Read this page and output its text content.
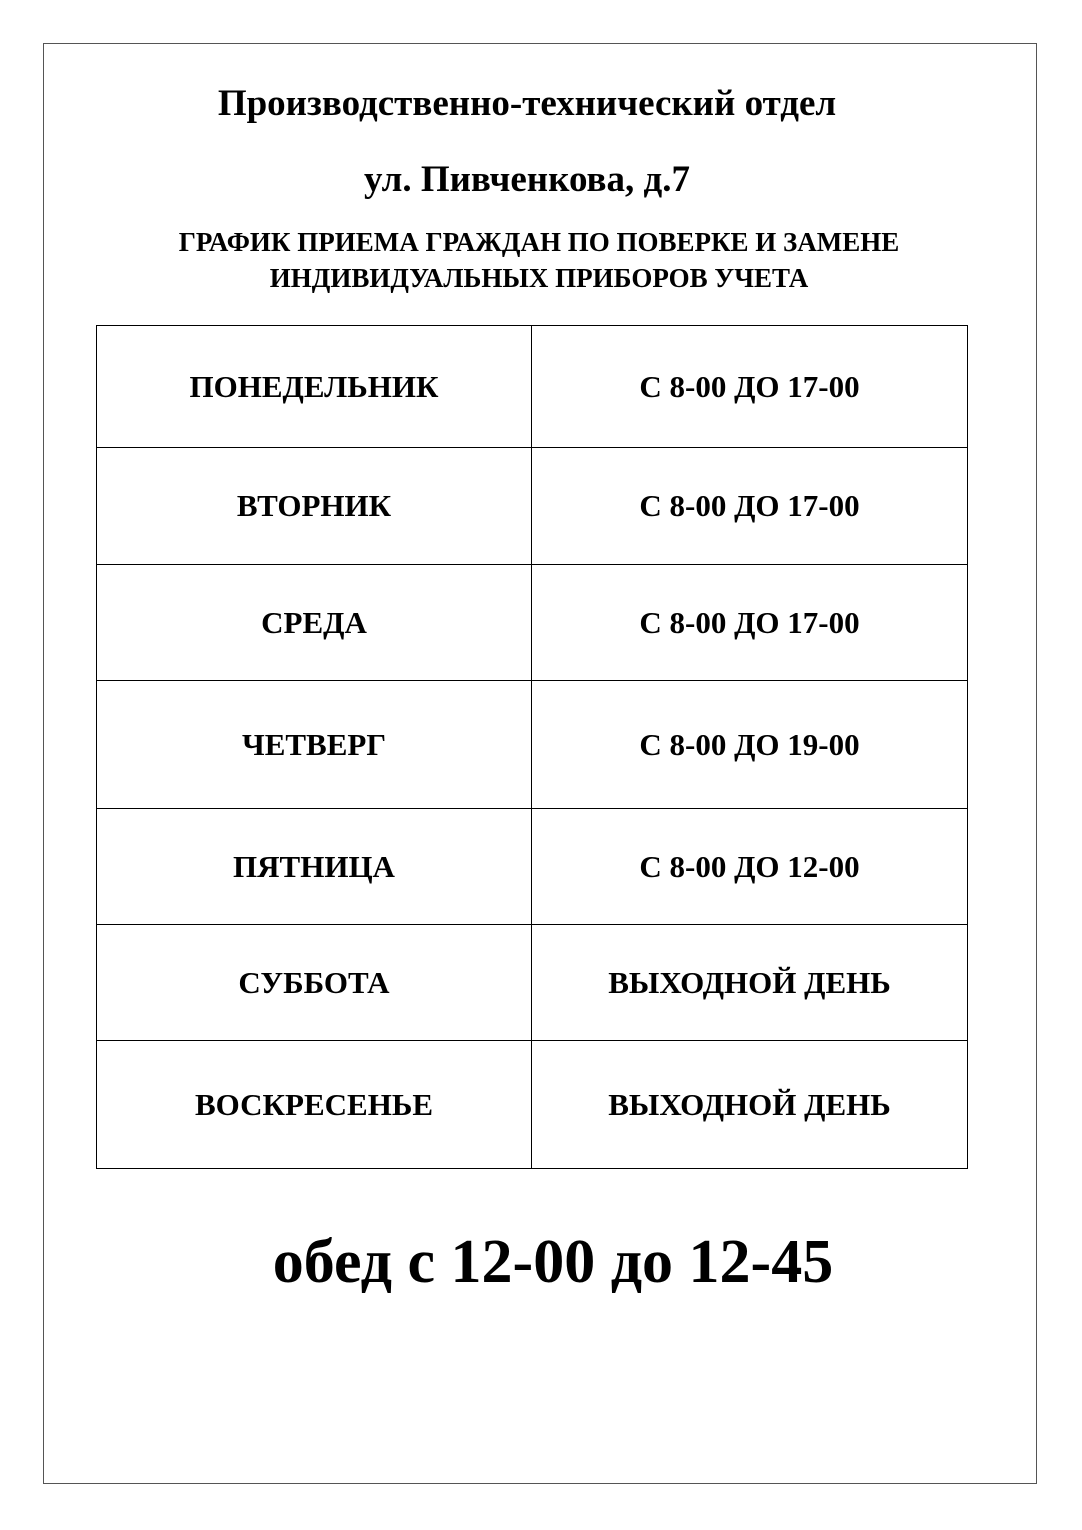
Производственно-технический отдел
ул. Пивченкова, д.7
ГРАФИК ПРИЕМА ГРАЖДАН ПО ПОВЕРКЕ И ЗАМЕНЕ
ИНДИВИДУАЛЬНЫХ ПРИБОРОВ УЧЕТА
ПОНЕДЕЛЬНИК	С 8-00 ДО 17-00
ВТОРНИК	С 8-00 ДО 17-00
СРЕДА	С 8-00 ДО 17-00
ЧЕТВЕРГ	С 8-00 ДО 19-00
ПЯТНИЦА	С 8-00 ДО 12-00
СУББОТА	ВЫХОДНОЙ ДЕНЬ
ВОСКРЕСЕНЬЕ	ВЫХОДНОЙ ДЕНЬ
обед с 12-00 до 12-45
